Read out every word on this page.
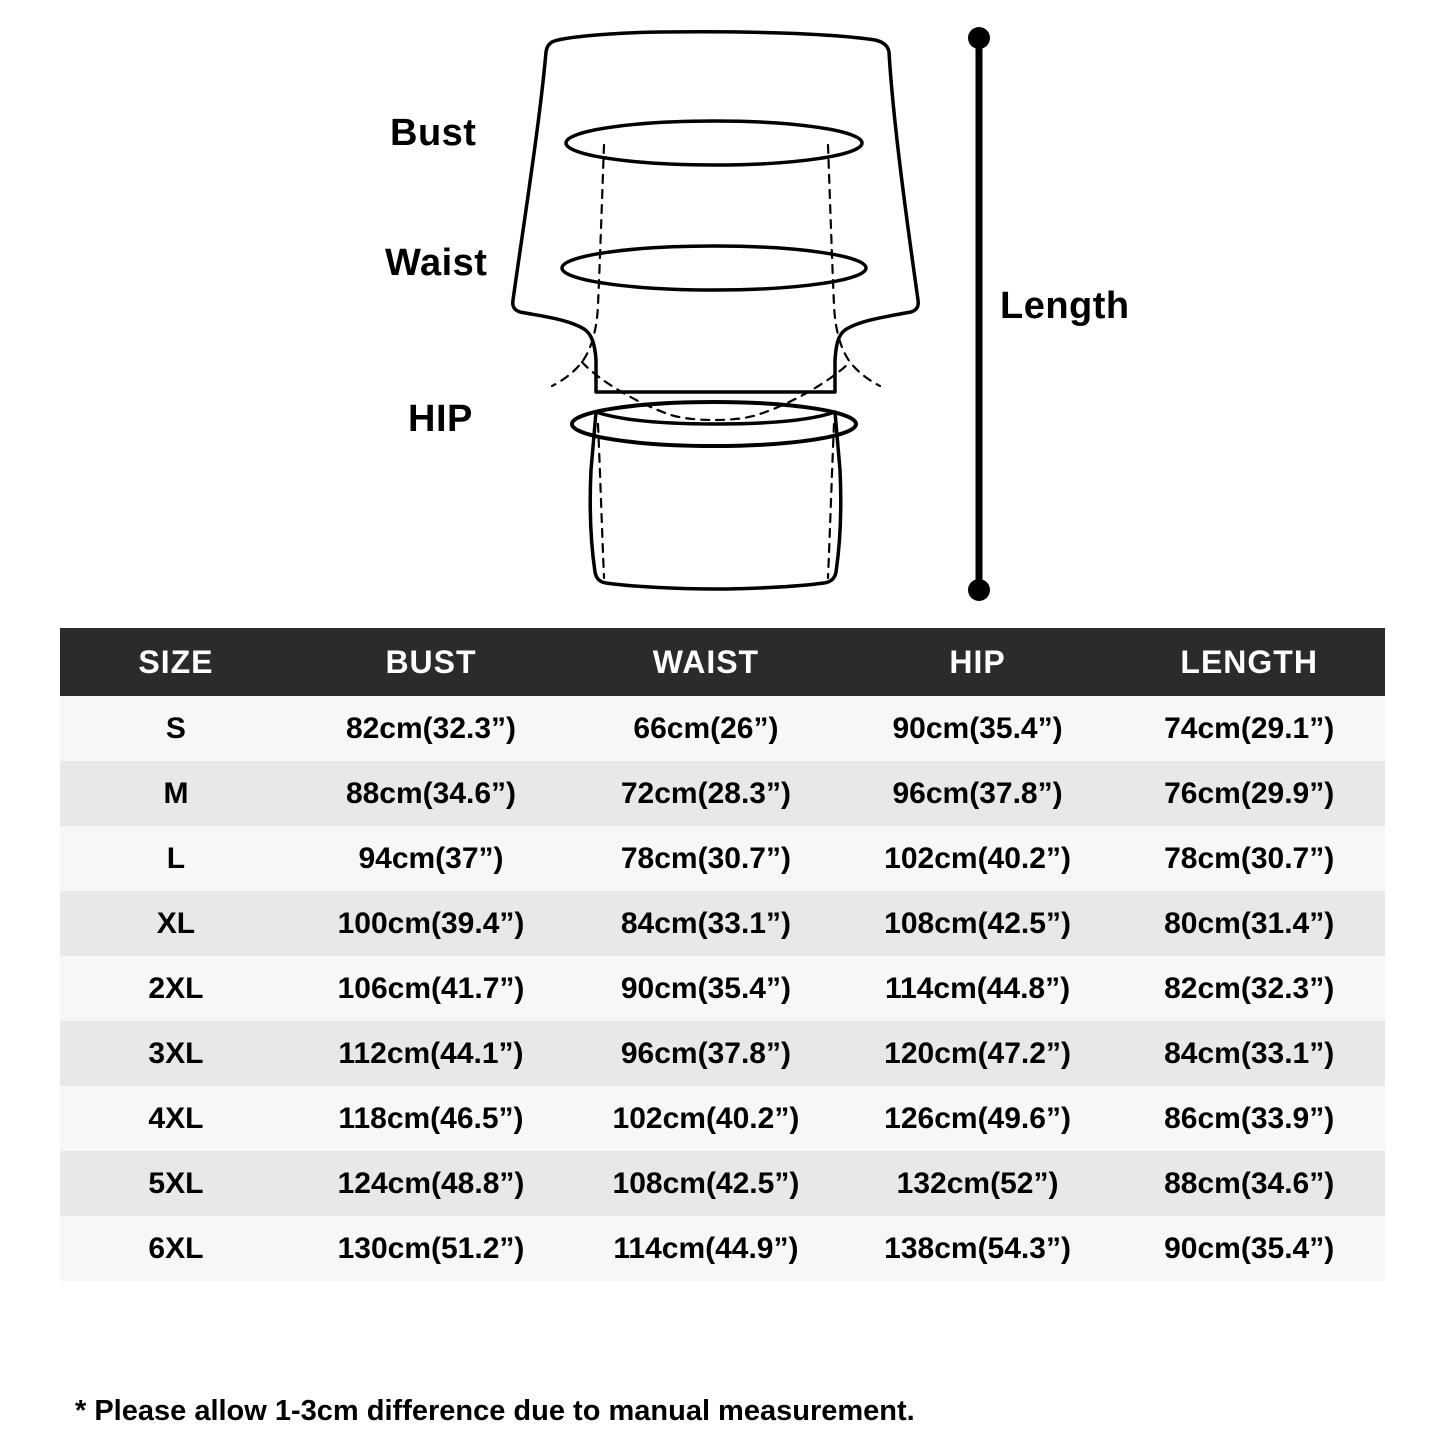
Bust
Waist
HIP
Length
SIZE	BUST	WAIST	HIP	LENGTH
S	82cm(32.3”)	66cm(26”)	90cm(35.4”)	74cm(29.1”)
M	88cm(34.6”)	72cm(28.3”)	96cm(37.8”)	76cm(29.9”)
L	94cm(37”)	78cm(30.7”)	102cm(40.2”)	78cm(30.7”)
XL	100cm(39.4”)	84cm(33.1”)	108cm(42.5”)	80cm(31.4”)
2XL	106cm(41.7”)	90cm(35.4”)	114cm(44.8”)	82cm(32.3”)
3XL	112cm(44.1”)	96cm(37.8”)	120cm(47.2”)	84cm(33.1”)
4XL	118cm(46.5”)	102cm(40.2”)	126cm(49.6”)	86cm(33.9”)
5XL	124cm(48.8”)	108cm(42.5”)	132cm(52”)	88cm(34.6”)
6XL	130cm(51.2”)	114cm(44.9”)	138cm(54.3”)	90cm(35.4”)
* Please allow 1-3cm difference due to manual measurement.
